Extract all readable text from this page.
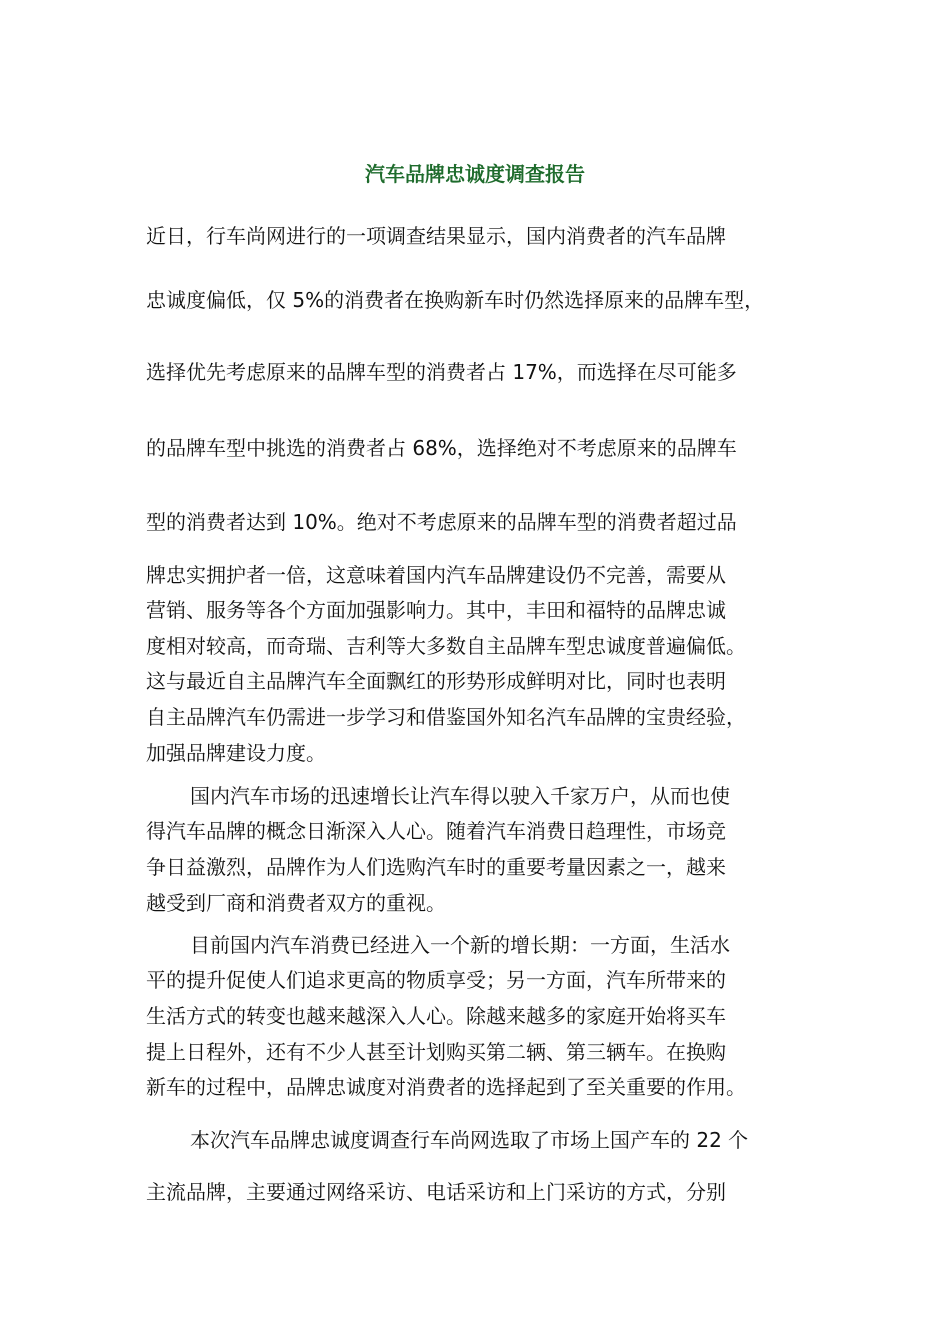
汽车品牌忠诚度调查报告
近日，行车尚网进行的一项调查结果显示，国内消费者的汽车品牌
忠诚度偏低，仅 5%的消费者在换购新车时仍然选择原来的品牌车型，
选择优先考虑原来的品牌车型的消费者占 17%，而选择在尽可能多
的品牌车型中挑选的消费者占 68%，选择绝对不考虑原来的品牌车
型的消费者达到 10%。绝对不考虑原来的品牌车型的消费者超过品
牌忠实拥护者一倍，这意味着国内汽车品牌建设仍不完善，需要从
营销、服务等各个方面加强影响力。其中，丰田和福特的品牌忠诚
度相对较高，而奇瑞、吉利等大多数自主品牌车型忠诚度普遍偏低。
这与最近自主品牌汽车全面飘红的形势形成鲜明对比，同时也表明
自主品牌汽车仍需进一步学习和借鉴国外知名汽车品牌的宝贵经验，
加强品牌建设力度。
国内汽车市场的迅速增长让汽车得以驶入千家万户，从而也使
得汽车品牌的概念日渐深入人心。随着汽车消费日趋理性，市场竞
争日益激烈，品牌作为人们选购汽车时的重要考量因素之一，越来
越受到厂商和消费者双方的重视。
目前国内汽车消费已经进入一个新的增长期：一方面，生活水
平的提升促使人们追求更高的物质享受；另一方面，汽车所带来的
生活方式的转变也越来越深入人心。除越来越多的家庭开始将买车
提上日程外，还有不少人甚至计划购买第二辆、第三辆车。在换购
新车的过程中，品牌忠诚度对消费者的选择起到了至关重要的作用。
本次汽车品牌忠诚度调查行车尚网选取了市场上国产车的 22 个
主流品牌，主要通过网络采访、电话采访和上门采访的方式，分别
